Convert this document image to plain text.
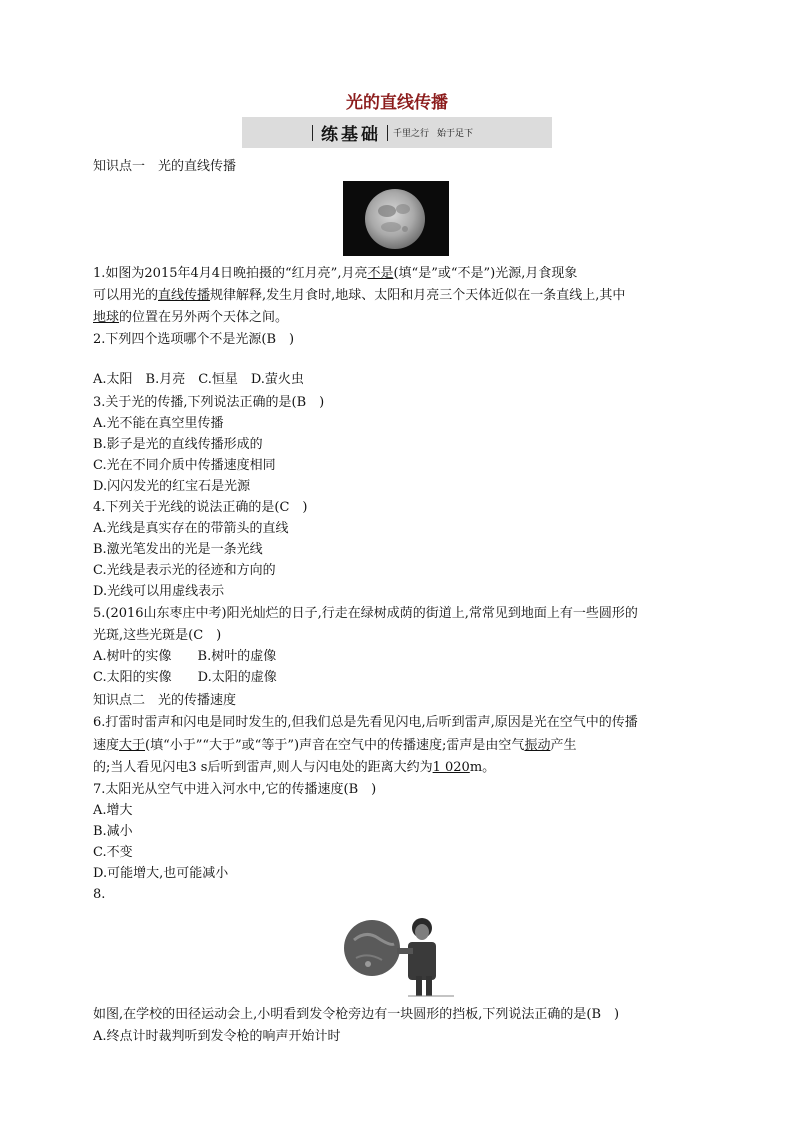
光的直线传播
练基础 千里之行 始于足下
知识点一　光的直线传播
1.如图为2015年4月4日晚拍摄的“红月亮”,月亮不是(填“是”或“不是”)光源,月食现象
可以用光的直线传播规律解释,发生月食时,地球、太阳和月亮三个天体近似在一条直线上,其中
地球的位置在另外两个天体之间。
2.下列四个选项哪个不是光源(B　)
A.太阳　B.月亮　C.恒星　D.萤火虫
3.关于光的传播,下列说法正确的是(B　)
A.光不能在真空里传播
B.影子是光的直线传播形成的
C.光在不同介质中传播速度相同
D.闪闪发光的红宝石是光源
4.下列关于光线的说法正确的是(C　)
A.光线是真实存在的带箭头的直线
B.激光笔发出的光是一条光线
C.光线是表示光的径迹和方向的
D.光线可以用虚线表示
5.(2016山东枣庄中考)阳光灿烂的日子,行走在绿树成荫的街道上,常常见到地面上有一些圆形的
光斑,这些光斑是(C　)
A.树叶的实像　　B.树叶的虚像
C.太阳的实像　　D.太阳的虚像
知识点二　光的传播速度
6.打雷时雷声和闪电是同时发生的,但我们总是先看见闪电,后听到雷声,原因是光在空气中的传播
速度大于(填“小于”“大于”或“等于”)声音在空气中的传播速度;雷声是由空气振动产生
的;当人看见闪电3 s后听到雷声,则人与闪电处的距离大约为1 020m。
7.太阳光从空气中进入河水中,它的传播速度(B　)
A.增大
B.减小
C.不变
D.可能增大,也可能减小
8.
如图,在学校的田径运动会上,小明看到发令枪旁边有一块圆形的挡板,下列说法正确的是(B　)
A.终点计时裁判听到发令枪的响声开始计时
